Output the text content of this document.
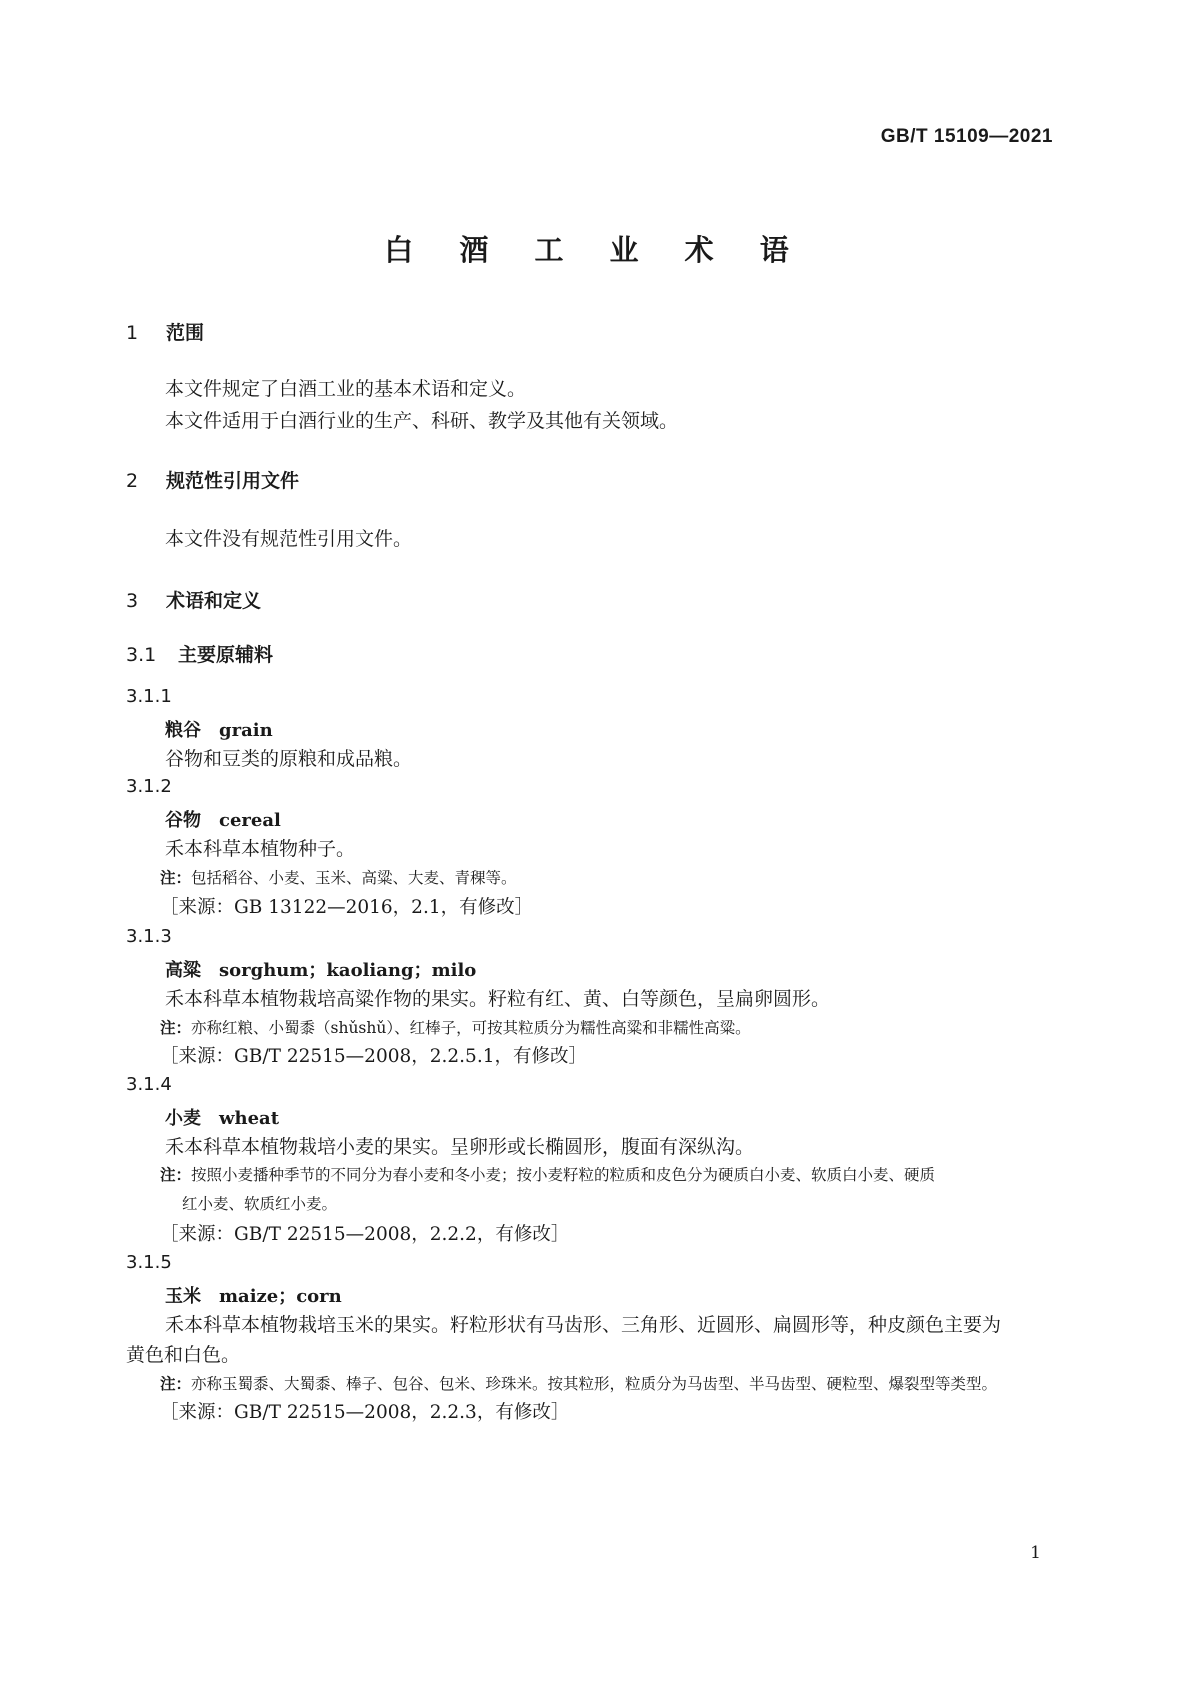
GB/T 15109—2021
白 酒 工 业 术 语
1 范围
本文件规定了白酒工业的基本术语和定义。
本文件适用于白酒行业的生产、科研、教学及其他有关领域。
2 规范性引用文件
本文件没有规范性引用文件。
3 术语和定义
3.1 主要原辅料
3.1.1
粮谷 grain
谷物和豆类的原粮和成品粮。
3.1.2
谷物 cereal
禾本科草本植物种子。
注：包括稻谷、小麦、玉米、高粱、大麦、青稞等。
［来源：GB 13122—2016，2.1，有修改］
3.1.3
高粱 sorghum；kaoliang；milo
禾本科草本植物栽培高粱作物的果实。籽粒有红、黄、白等颜色，呈扁卵圆形。
注：亦称红粮、小蜀黍（shǔshǔ）、红棒子，可按其粒质分为糯性高粱和非糯性高粱。
［来源：GB/T 22515—2008，2.2.5.1，有修改］
3.1.4
小麦 wheat
禾本科草本植物栽培小麦的果实。呈卵形或长椭圆形，腹面有深纵沟。
注：按照小麦播种季节的不同分为春小麦和冬小麦；按小麦籽粒的粒质和皮色分为硬质白小麦、软质白小麦、硬质
红小麦、软质红小麦。
［来源：GB/T 22515—2008，2.2.2，有修改］
3.1.5
玉米 maize；corn
禾本科草本植物栽培玉米的果实。籽粒形状有马齿形、三角形、近圆形、扁圆形等，种皮颜色主要为
黄色和白色。
注：亦称玉蜀黍、大蜀黍、棒子、包谷、包米、珍珠米。按其粒形，粒质分为马齿型、半马齿型、硬粒型、爆裂型等类型。
［来源：GB/T 22515—2008，2.2.3，有修改］
1
